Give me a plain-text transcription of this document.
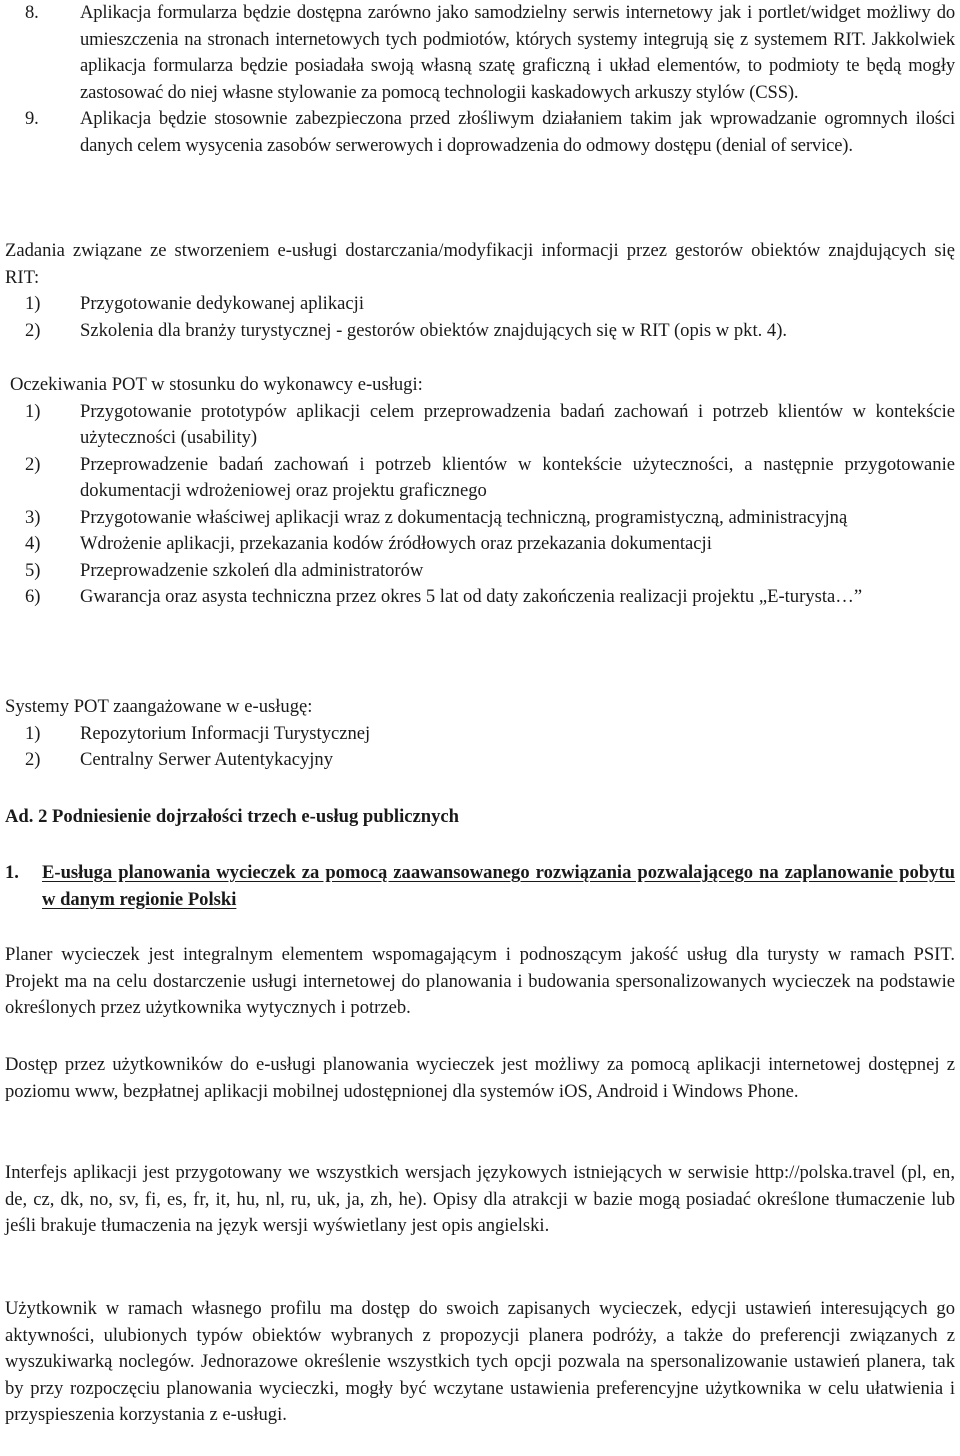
8. Aplikacja formularza będzie dostępna zarówno jako samodzielny serwis internetowy jak i portlet/widget możliwy do umieszczenia na stronach internetowych tych podmiotów, których systemy integrują się z systemem RIT. Jakkolwiek aplikacja formularza będzie posiadała swoją własną szatę graficzną i układ elementów, to podmioty te będą mogły zastosować do niej własne stylowanie za pomocą technologii kaskadowych arkuszy stylów (CSS).
9. Aplikacja będzie stosownie zabezpieczona przed złośliwym działaniem takim jak wprowadzanie ogromnych ilości danych celem wysycenia zasobów serwerowych i doprowadzenia do odmowy dostępu (denial of service).

Zadania związane ze stworzeniem e-usługi dostarczania/modyfikacji informacji przez gestorów obiektów znajdujących się RIT:

1) Przygotowanie dedykowanej aplikacji
2) Szkolenia dla branży turystycznej - gestorów obiektów znajdujących się w RIT (opis w pkt. 4).

Oczekiwania POT w stosunku do wykonawcy e-usługi:

1) Przygotowanie prototypów aplikacji celem przeprowadzenia badań zachowań i potrzeb klientów w kontekście użyteczności (usability)
2) Przeprowadzenie badań zachowań i potrzeb klientów w kontekście użyteczności, a następnie przygotowanie dokumentacji wdrożeniowej oraz projektu graficznego
3) Przygotowanie właściwej aplikacji wraz z dokumentacją techniczną, programistyczną, administracyjną
4) Wdrożenie aplikacji, przekazania kodów źródłowych oraz przekazania dokumentacji
5) Przeprowadzenie szkoleń dla administratorów
6) Gwarancja oraz asysta techniczna przez okres 5 lat od daty zakończenia realizacji projektu „E-turysta…”

Systemy POT zaangażowane w e-usługę:

1) Repozytorium Informacji Turystycznej
2) Centralny Serwer Autentykacyjny
Ad. 2 Podniesienie dojrzałości trzech e-usług publicznych
1. E-usługa planowania wycieczek za pomocą zaawansowanego rozwiązania pozwalającego na zaplanowanie pobytu w danym regionie Polski

Planer wycieczek jest integralnym elementem wspomagającym i podnoszącym jakość usług dla turysty w ramach PSIT. Projekt ma na celu dostarczenie usługi internetowej do planowania i budowania spersonalizowanych wycieczek na podstawie określonych przez użytkownika wytycznych i potrzeb.

Dostęp przez użytkowników do e-usługi planowania wycieczek jest możliwy za pomocą aplikacji internetowej dostępnej z poziomu www, bezpłatnej aplikacji mobilnej udostępnionej dla systemów iOS, Android i Windows Phone.

Interfejs aplikacji jest przygotowany we wszystkich wersjach językowych istniejących w serwisie http://polska.travel (pl, en, de, cz, dk, no, sv, fi, es, fr, it, hu, nl, ru, uk, ja, zh, he). Opisy dla atrakcji w bazie mogą posiadać określone tłumaczenie lub jeśli brakuje tłumaczenia na język wersji wyświetlany jest opis angielski.

Użytkownik w ramach własnego profilu ma dostęp do swoich zapisanych wycieczek, edycji ustawień interesujących go aktywności, ulubionych typów obiektów wybranych z propozycji planera podróży, a także do preferencji związanych z wyszukiwarką noclegów. Jednorazowe określenie wszystkich tych opcji pozwala na spersonalizowanie ustawień planera, tak by przy rozpoczęciu planowania wycieczki, mogły być wczytane ustawienia preferencyjne użytkownika w celu ułatwienia i przyspieszenia korzystania z e-usługi.
